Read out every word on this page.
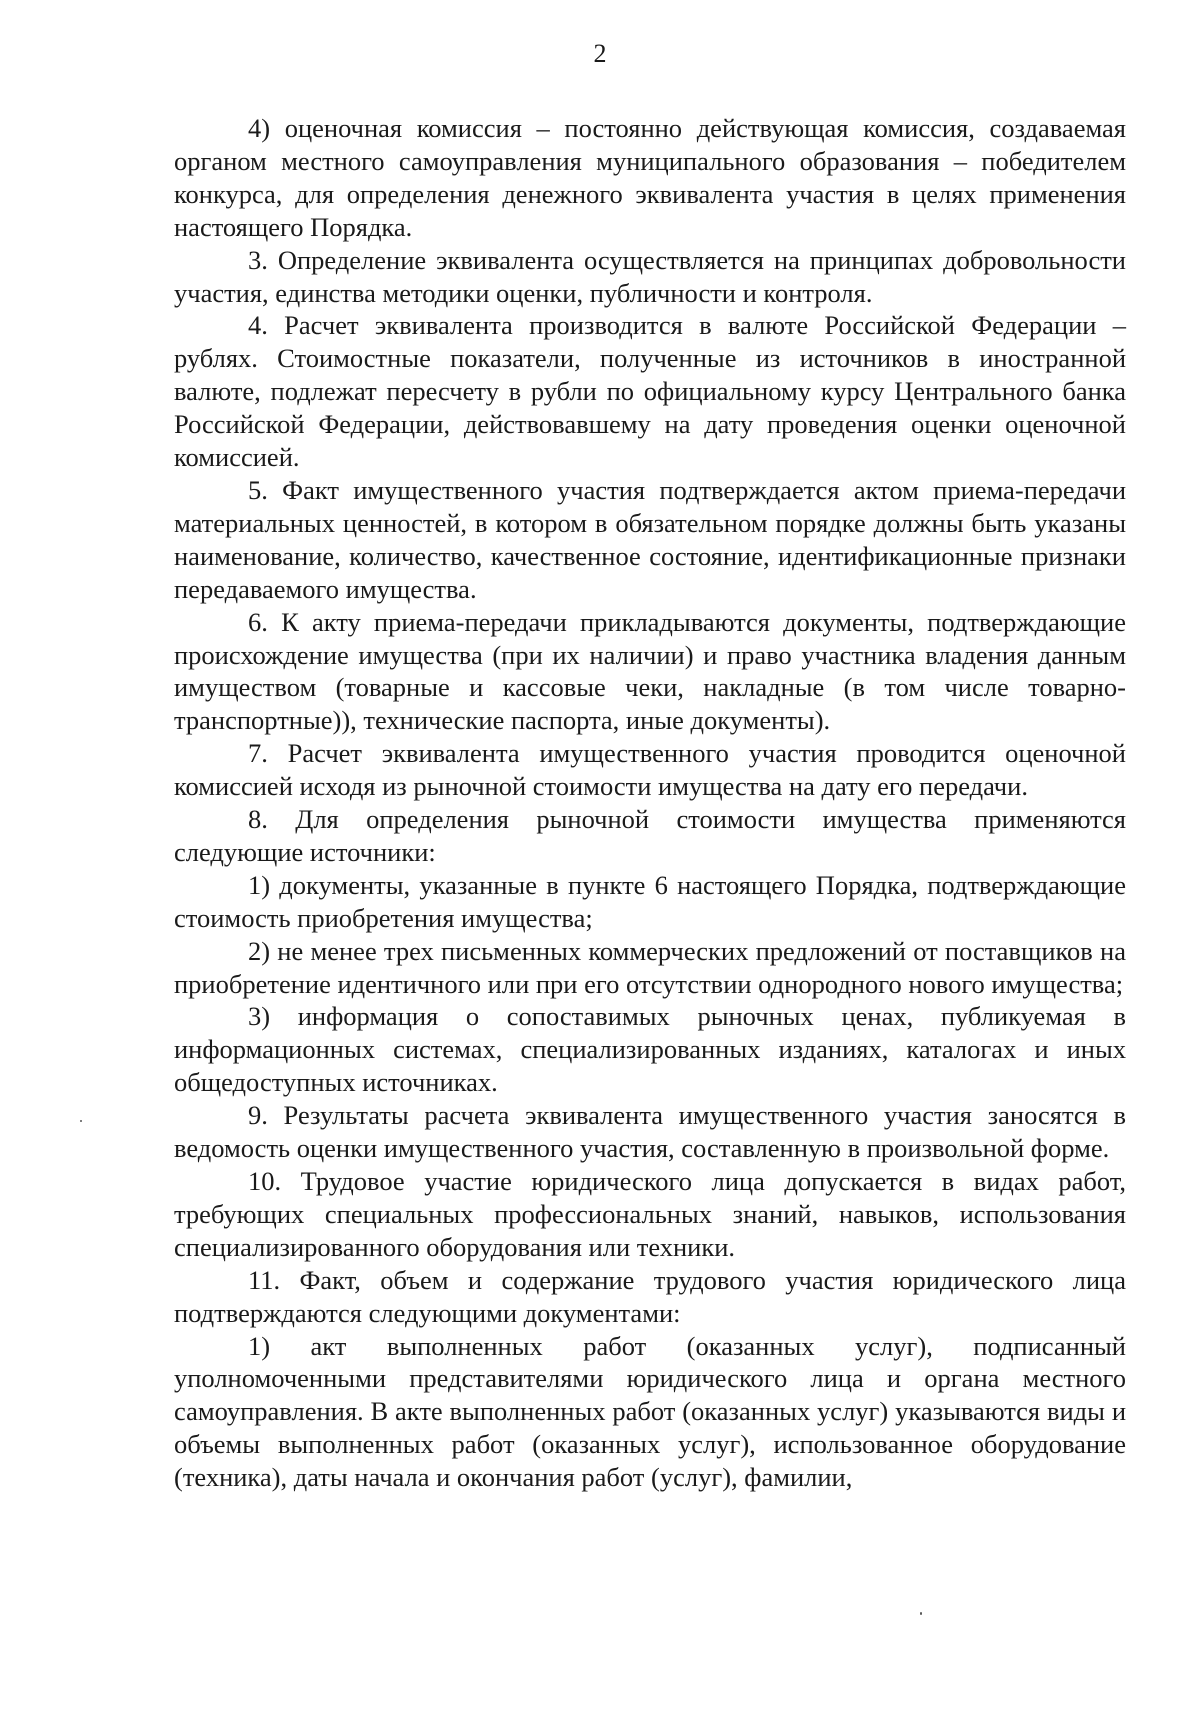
2

4) оценочная комиссия – постоянно действующая комиссия, создаваемая органом местного самоуправления муниципального образования – победителем конкурса, для определения денежного эквивалента участия в целях применения настоящего Порядка.

3. Определение эквивалента осуществляется на принципах добровольности участия, единства методики оценки, публичности и контроля.

4. Расчет эквивалента производится в валюте Российской Федерации – рублях. Стоимостные показатели, полученные из источников в иностранной валюте, подлежат пересчету в рубли по официальному курсу Центрального банка Российской Федерации, действовавшему на дату проведения оценки оценочной комиссией.

5. Факт имущественного участия подтверждается актом приема-передачи материальных ценностей, в котором в обязательном порядке должны быть указаны наименование, количество, качественное состояние, идентификационные признаки передаваемого имущества.

6. К акту приема-передачи прикладываются документы, подтверждающие происхождение имущества (при их наличии) и право участника владения данным имуществом (товарные и кассовые чеки, накладные (в том числе товарно-транспортные)), технические паспорта, иные документы).

7. Расчет эквивалента имущественного участия проводится оценочной комиссией исходя из рыночной стоимости имущества на дату его передачи.

8. Для определения рыночной стоимости имущества применяются следующие источники:

1) документы, указанные в пункте 6 настоящего Порядка, подтверждающие стоимость приобретения имущества;

2) не менее трех письменных коммерческих предложений от поставщиков на приобретение идентичного или при его отсутствии однородного нового имущества;

3) информация о сопоставимых рыночных ценах, публикуемая в информационных системах, специализированных изданиях, каталогах и иных общедоступных источниках.

9. Результаты расчета эквивалента имущественного участия заносятся в ведомость оценки имущественного участия, составленную в произвольной форме.

10. Трудовое участие юридического лица допускается в видах работ, требующих специальных профессиональных знаний, навыков, использования специализированного оборудования или техники.

11. Факт, объем и содержание трудового участия юридического лица подтверждаются следующими документами:

1) акт выполненных работ (оказанных услуг), подписанный уполномоченными представителями юридического лица и органа местного самоуправления. В акте выполненных работ (оказанных услуг) указываются виды и объемы выполненных работ (оказанных услуг), использованное оборудование (техника), даты начала и окончания работ (услуг), фамилии,
